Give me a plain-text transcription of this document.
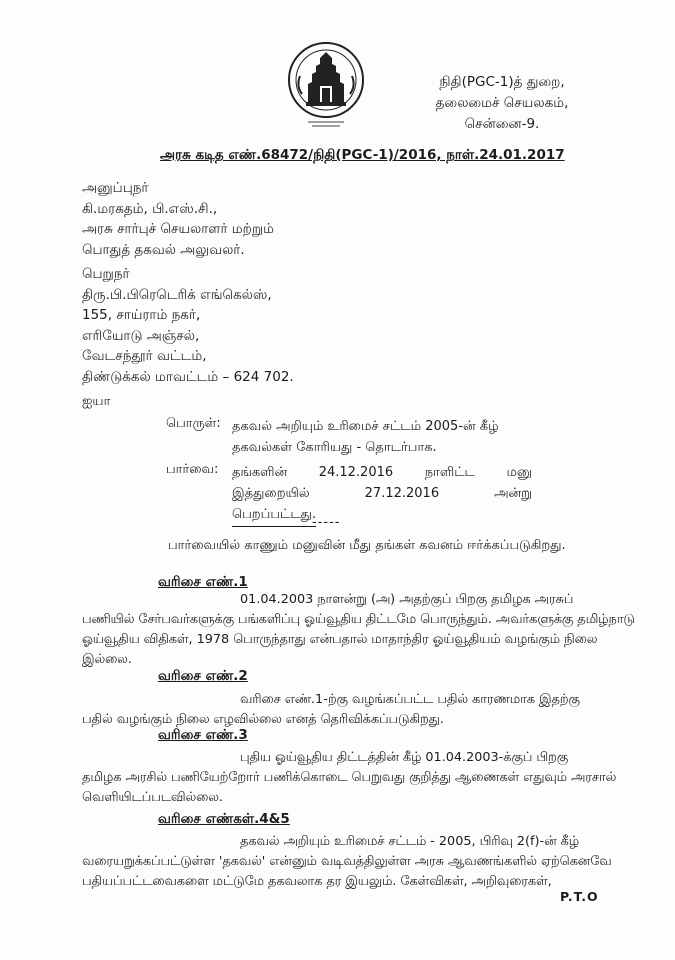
நிதி(PGC-1)த் துறை,
தலைமைச் செயலகம்,
சென்னை-9.
அரசு கடித எண்.68472/நிதி(PGC-1)/2016, நாள்.24.01.2017
அனுப்புநர்
கி.மரகதம், பி.எஸ்.சி.,
அரசு சார்புச் செயலாளர் மற்றும்
பொதுத் தகவல் அலுவலர்.
பெறுநர்
திரு.பி.பிரெடெரிக் எங்கெல்ஸ்,
155, சாய்ராம் நகர்,
எரியோடு அஞ்சல்,
வேடசந்தூர் வட்டம்,
திண்டுக்கல் மாவட்டம் – 624 702.
ஐயா
பொருள்: தகவல் அறியும் உரிமைச் சட்டம் 2005-ன் கீழ்
தகவல்கள் கோரியது - தொடர்பாக.
பார்வை: தங்களின் 24.12.2016 நாளிட்ட மனு
இத்துறையில்	27.12.2016	அன்று
பெறப்பட்டது.
-----
பார்வையில் காணும் மனுவின் மீது தங்கள் கவனம் ஈர்க்கப்படுகிறது.
வரிசை எண்.1
01.04.2003 நாளன்று (அ) அதற்குப் பிறகு தமிழக அரசுப்
பணியில் சேர்பவர்களுக்கு பங்களிப்பு ஓய்வூதிய திட்டமே பொருந்தும். அவர்களுக்கு தமிழ்நாடு
ஓய்வூதிய விதிகள், 1978 பொருந்தாது என்பதால் மாதாந்திர ஓய்வூதியம் வழங்கும் நிலை
இல்லை.
வரிசை எண்.2
வரிசை எண்.1-ற்கு வழங்கப்பட்ட பதில் காரணமாக இதற்கு
பதில் வழங்கும் நிலை எழவில்லை எனத் தெரிவிக்கப்படுகிறது.
வரிசை எண்.3
புதிய ஓய்வூதிய திட்டத்தின் கீழ் 01.04.2003-க்குப் பிறகு
தமிழக அரசில் பணியேற்றோர் பணிக்கொடை பெறுவது குறித்து ஆணைகள் எதுவும் அரசால்
வெளியிடப்படவில்லை.
வரிசை எண்கள்.4&5
தகவல் அறியும் உரிமைச் சட்டம் - 2005, பிரிவு 2(f)-ன் கீழ்
வரையறுக்கப்பட்டுள்ள 'தகவல்' என்னும் வடிவத்திலுள்ள அரசு ஆவணங்களில் ஏற்கெனவே
பதியப்பட்டவைகளை மட்டுமே தகவலாக தர இயலும். கேள்விகள், அறிவுரைகள்,
P.T.O
